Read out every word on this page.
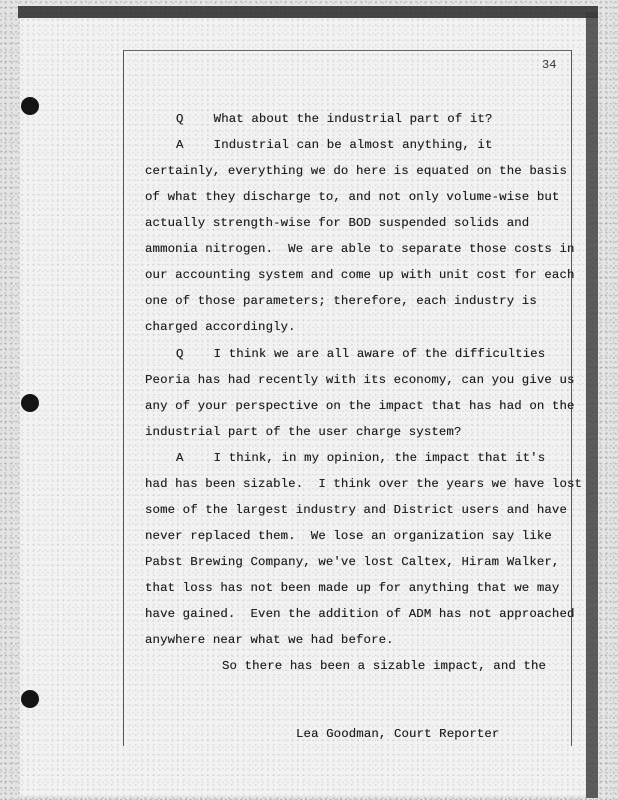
34
Q    What about the industrial part of it?
A    Industrial can be almost anything, it
certainly, everything we do here is equated on the basis
of what they discharge to, and not only volume-wise but
actually strength-wise for BOD suspended solids and
ammonia nitrogen.  We are able to separate those costs in
our accounting system and come up with unit cost for each
one of those parameters; therefore, each industry is
charged accordingly.
Q    I think we are all aware of the difficulties
Peoria has had recently with its economy, can you give us
any of your perspective on the impact that has had on the
industrial part of the user charge system?
A    I think, in my opinion, the impact that it's
had has been sizable.  I think over the years we have lost
some of the largest industry and District users and have
never replaced them.  We lose an organization say like
Pabst Brewing Company, we've lost Caltex, Hiram Walker,
that loss has not been made up for anything that we may
have gained.  Even the addition of ADM has not approached
anywhere near what we had before.
So there has been a sizable impact, and the
Lea Goodman, Court Reporter
